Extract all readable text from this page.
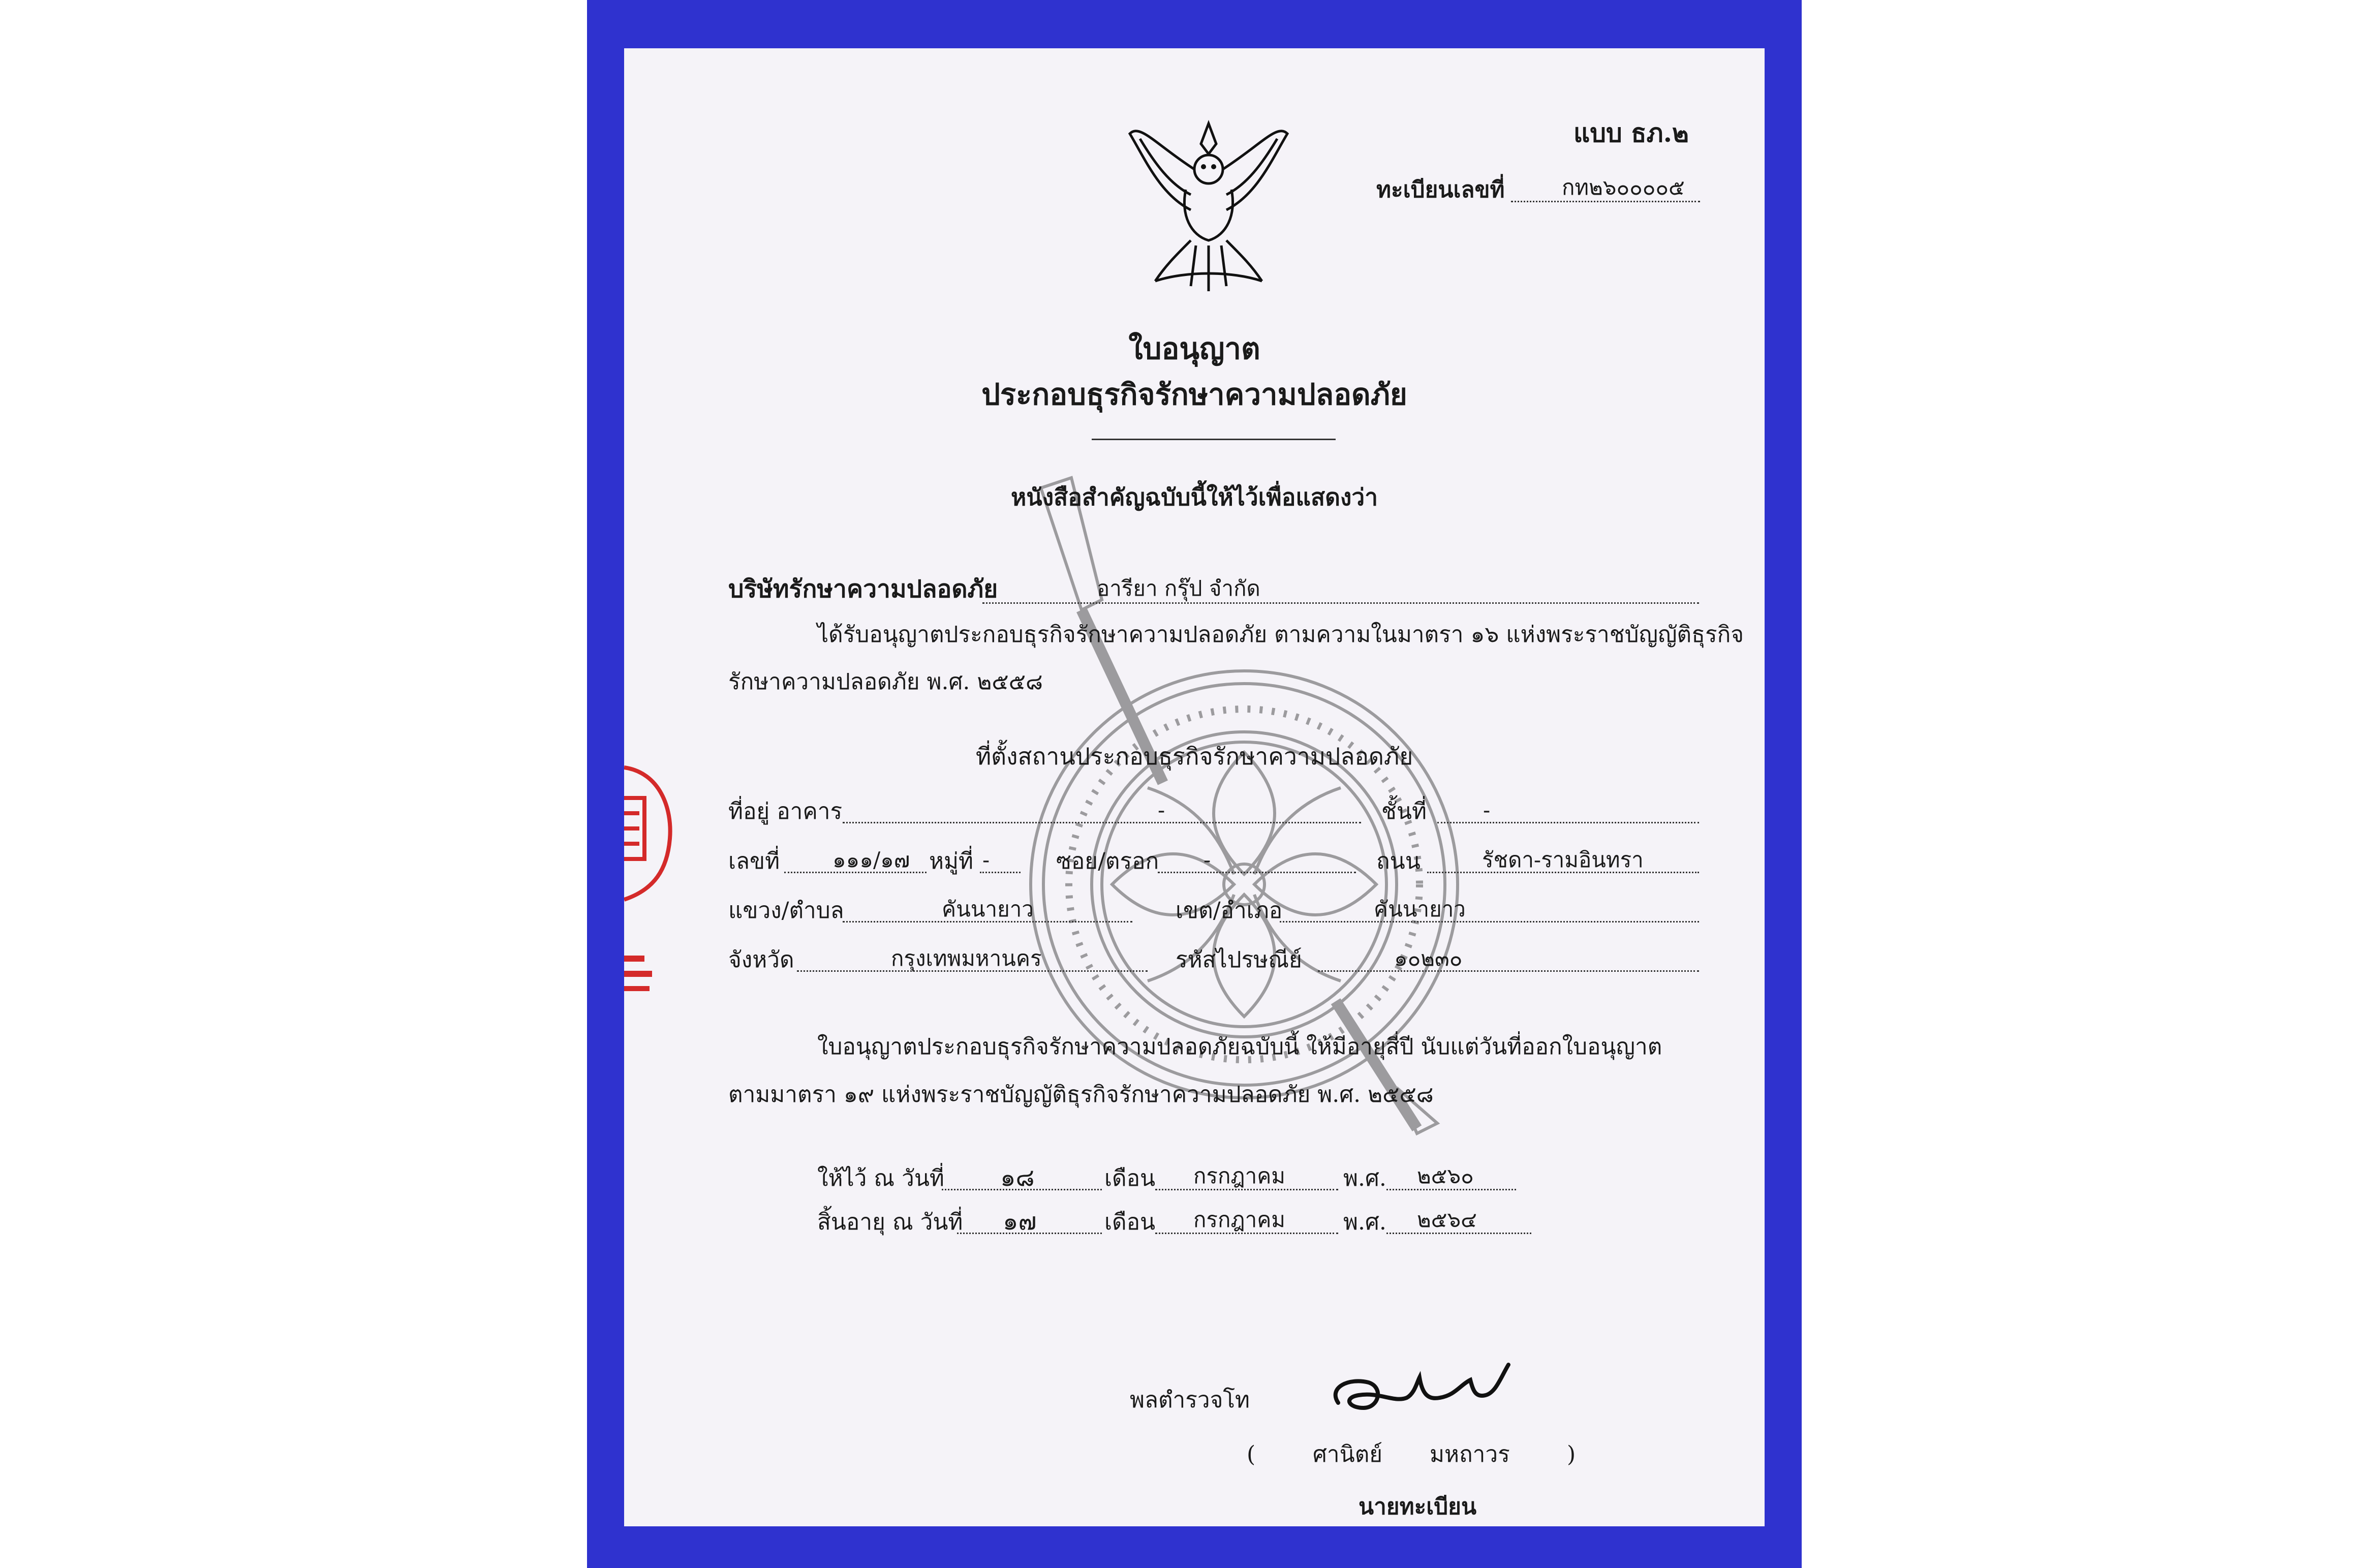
แบบ ธภ.๒
ทะเบียนเลขที่	กท๒๖๐๐๐๐๕
ใบอนุญาต
ประกอบธุรกิจรักษาความปลอดภัย
หนังสือสำคัญฉบับนี้ให้ไว้เพื่อแสดงว่า
บริษัทรักษาความปลอดภัย	อารียา กรุ๊ป จำกัด
ได้รับอนุญาตประกอบธุรกิจรักษาความปลอดภัย ตามความในมาตรา ๑๖ แห่งพระราชบัญญัติธุรกิจ
รักษาความปลอดภัย พ.ศ. ๒๕๕๘
ที่ตั้งสถานประกอบธุรกิจรักษาความปลอดภัย
ที่อยู่ อาคาร	-	ชั้นที่	-
เลขที่ ๑๑๑/๑๗ หมู่ที่ -	ซอย/ตรอก -	ถนน	รัชดา-รามอินทรา
แขวง/ตำบล	คันนายาว	เขต/อำเภอ	คันนายาว
จังหวัด	กรุงเทพมหานคร	รหัสไปรษณีย์	๑๐๒๓๐
ใบอนุญาตประกอบธุรกิจรักษาความปลอดภัยฉบับนี้ ให้มีอายุสี่ปี นับแต่วันที่ออกใบอนุญาต
ตามมาตรา ๑๙ แห่งพระราชบัญญัติธุรกิจรักษาความปลอดภัย พ.ศ. ๒๕๕๘
ให้ไว้ ณ วันที่ ๑๘	เดือน กรกฎาคม	พ.ศ. ๒๕๖๐
สิ้นอายุ ณ วันที่ ๑๗	เดือน กรกฎาคม	พ.ศ. ๒๕๖๔
พลตำรวจโท
(	ศานิตย์ มหถาวร	)
นายทะเบียน
